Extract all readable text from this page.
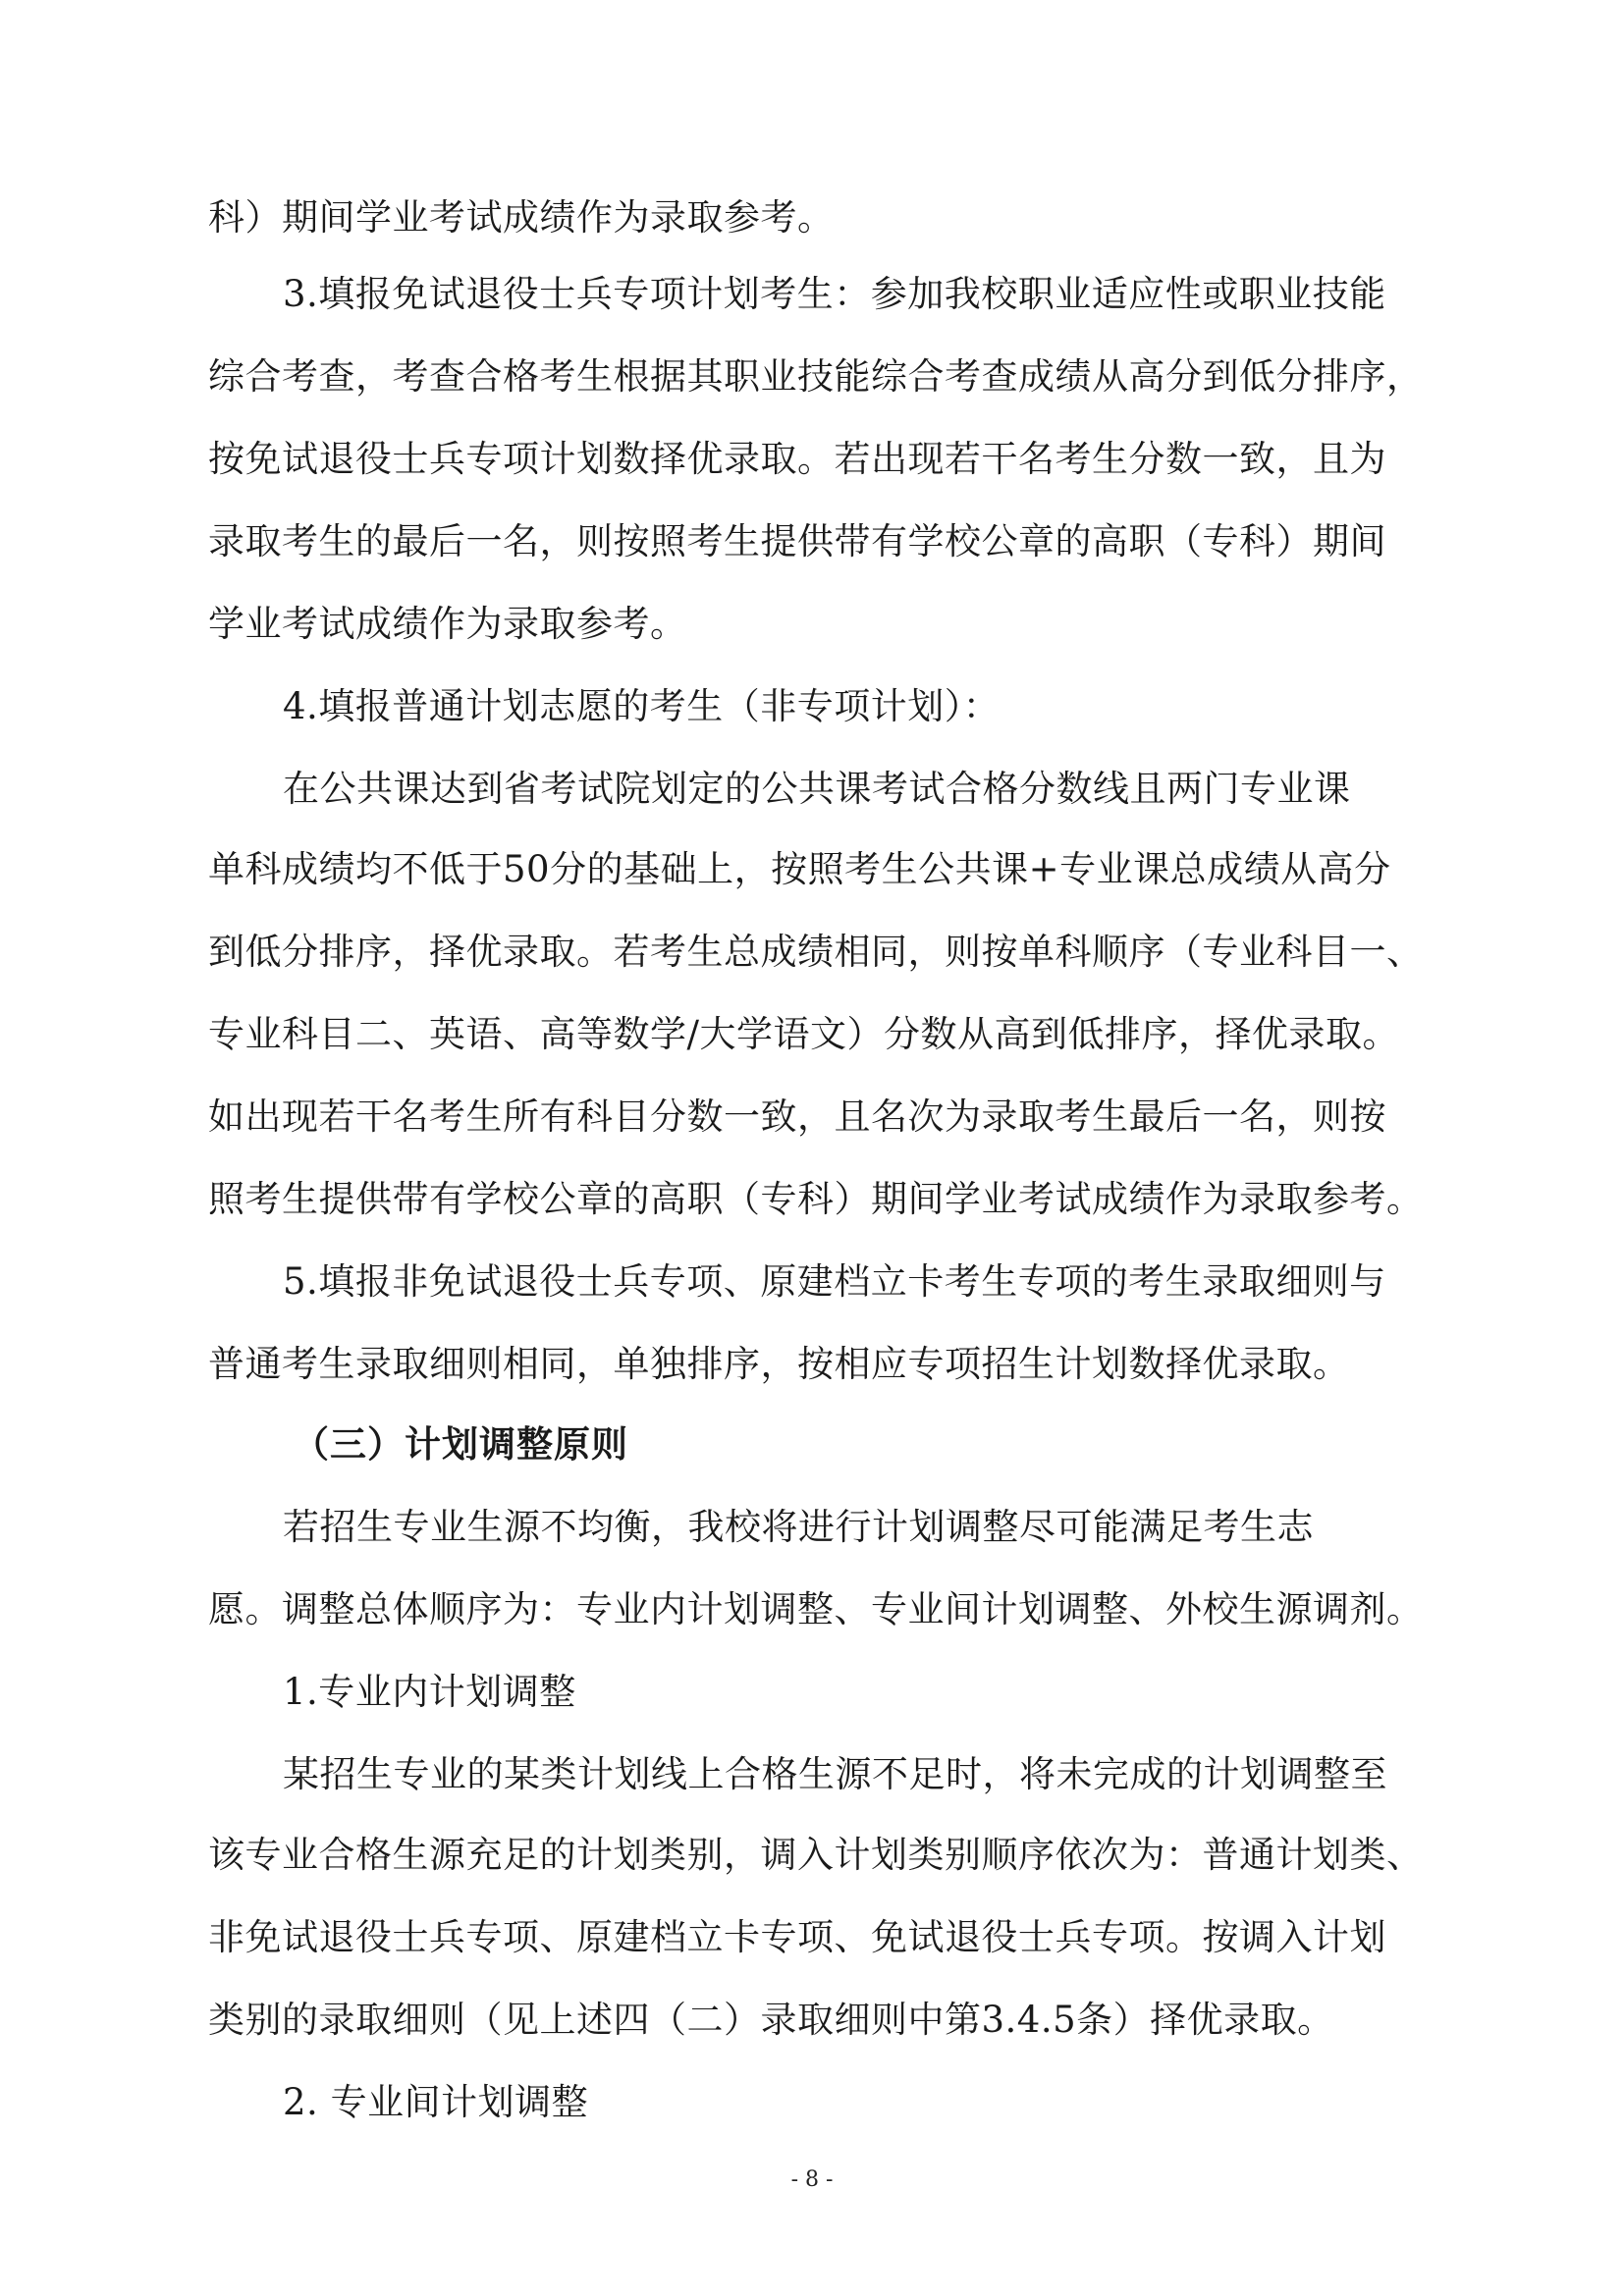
科）期间学业考试成绩作为录取参考。
3.填报免试退役士兵专项计划考生：参加我校职业适应性或职业技能
综合考查，考查合格考生根据其职业技能综合考查成绩从高分到低分排序，
按免试退役士兵专项计划数择优录取。若出现若干名考生分数一致，且为
录取考生的最后一名，则按照考生提供带有学校公章的高职（专科）期间
学业考试成绩作为录取参考。
4.填报普通计划志愿的考生（非专项计划）：
在公共课达到省考试院划定的公共课考试合格分数线且两门专业课
单科成绩均不低于50分的基础上，按照考生公共课+专业课总成绩从高分
到低分排序，择优录取。若考生总成绩相同，则按单科顺序（专业科目一、
专业科目二、英语、高等数学/大学语文）分数从高到低排序，择优录取。
如出现若干名考生所有科目分数一致，且名次为录取考生最后一名，则按
照考生提供带有学校公章的高职（专科）期间学业考试成绩作为录取参考。
5.填报非免试退役士兵专项、原建档立卡考生专项的考生录取细则与
普通考生录取细则相同，单独排序，按相应专项招生计划数择优录取。
（三）计划调整原则
若招生专业生源不均衡，我校将进行计划调整尽可能满足考生志
愿。调整总体顺序为：专业内计划调整、专业间计划调整、外校生源调剂。
1.专业内计划调整
某招生专业的某类计划线上合格生源不足时，将未完成的计划调整至
该专业合格生源充足的计划类别，调入计划类别顺序依次为：普通计划类、
非免试退役士兵专项、原建档立卡专项、免试退役士兵专项。按调入计划
类别的录取细则（见上述四（二）录取细则中第3.4.5条）择优录取。
2. 专业间计划调整
- 8 -
